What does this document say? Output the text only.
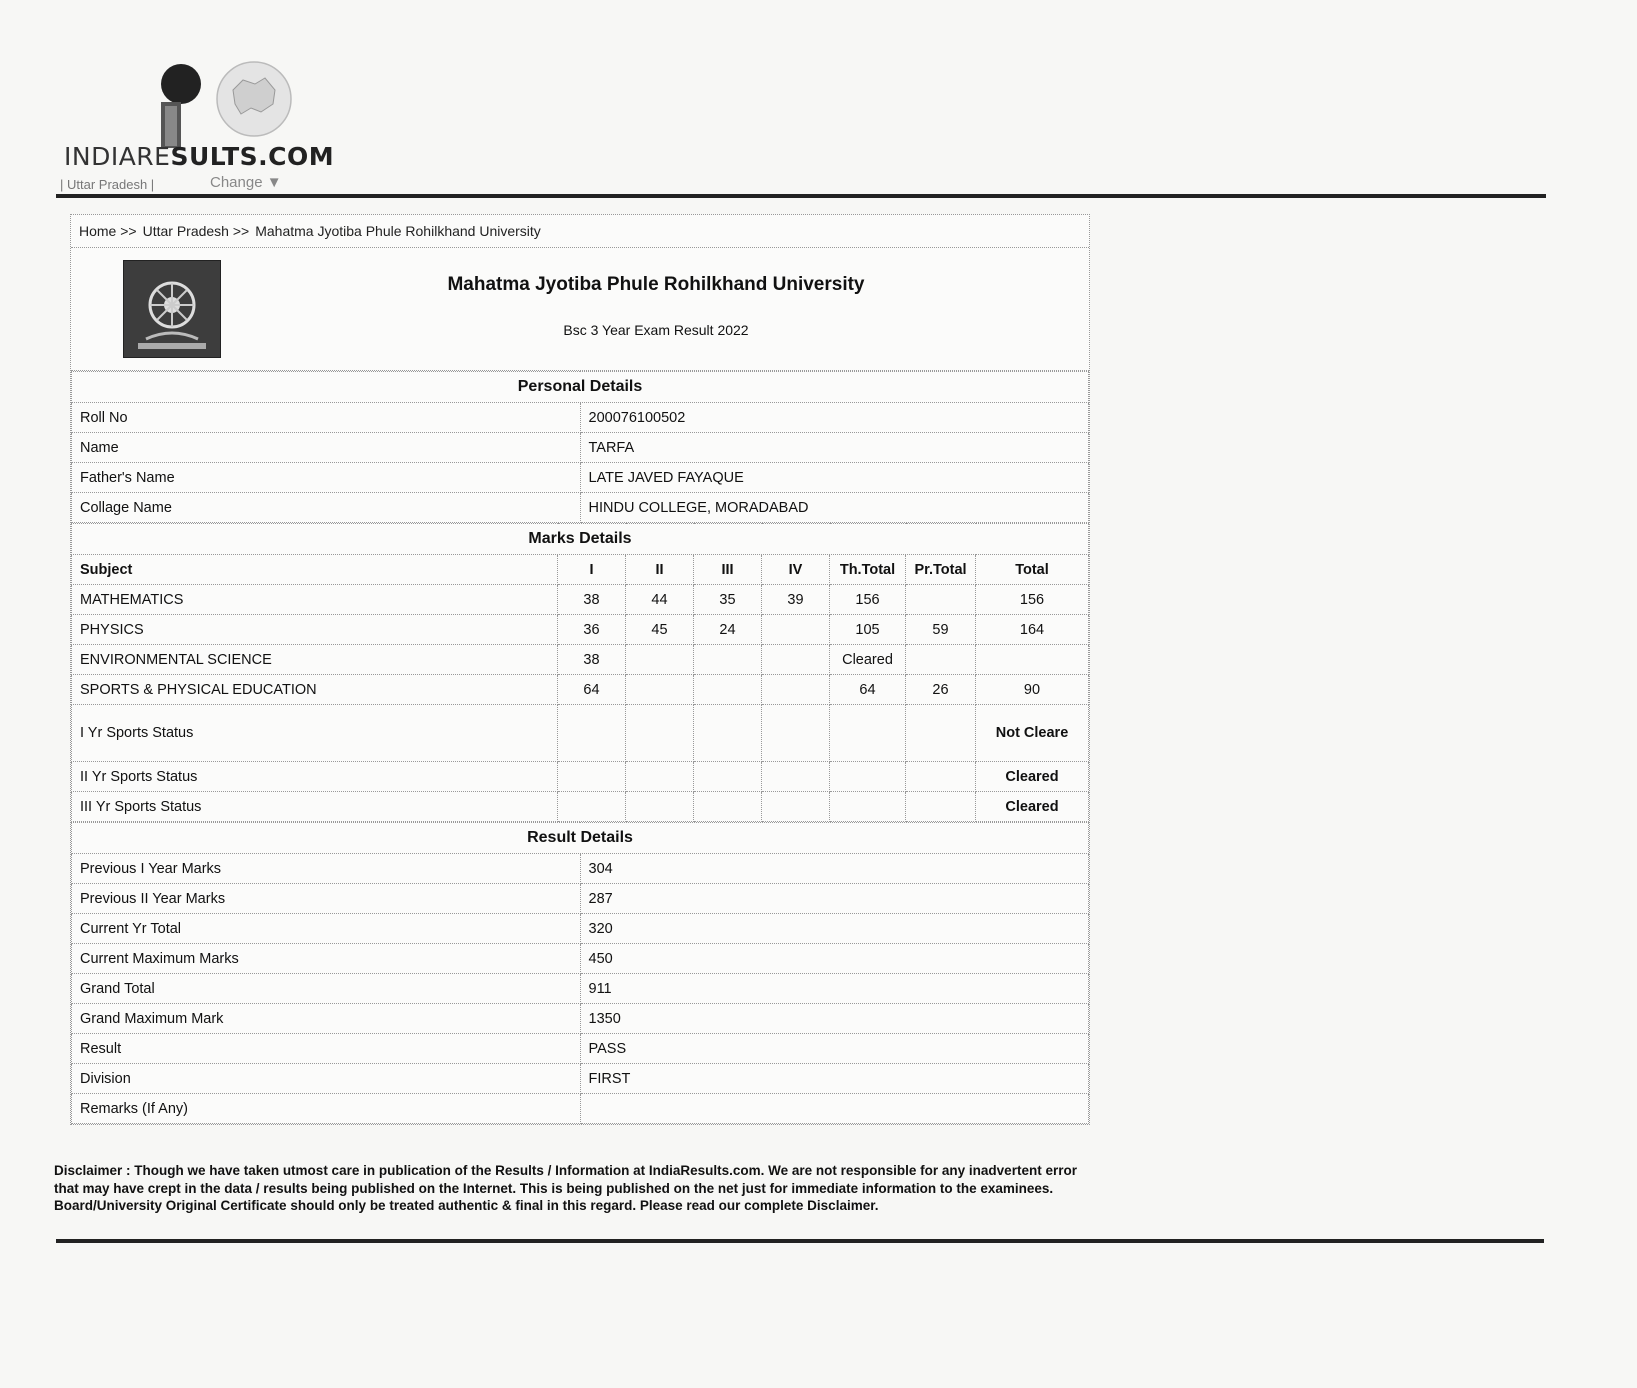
INDIARESULTS.COM
| Uttar Pradesh |	Change ▼
Home >> Uttar Pradesh >> Mahatma Jyotiba Phule Rohilkhand University
Mahatma Jyotiba Phule Rohilkhand University
Bsc 3 Year Exam Result 2022
Personal Details	
Roll No	200076100502
Name	TARFA
Father's Name	LATE JAVED FAYAQUE
Collage Name	HINDU COLLEGE, MORADABAD
Marks Details							
Subject	I	II	III	IV	Th.Total	Pr.Total	Total
MATHEMATICS	38	44	35	39	156		156
PHYSICS	36	45	24		105	59	164
ENVIRONMENTAL SCIENCE	38				Cleared		
SPORTS & PHYSICAL EDUCATION	64				64	26	90
I Yr Sports Status							Not Cleare
II Yr Sports Status							Cleared
III Yr Sports Status							Cleared
Result Details	
Previous I Year Marks	304
Previous II Year Marks	287
Current Yr Total	320
Current Maximum Marks	450
Grand Total	911
Grand Maximum Mark	1350
Result	PASS
Division	FIRST
Remarks (If Any)	
Disclaimer : Though we have taken utmost care in publication of the Results / Information at IndiaResults.com. We are not responsible for any inadvertent error that may have crept in the data / results being published on the Internet. This is being published on the net just for immediate information to the examinees. Board/University Original Certificate should only be treated authentic & final in this regard. Please read our complete Disclaimer.
